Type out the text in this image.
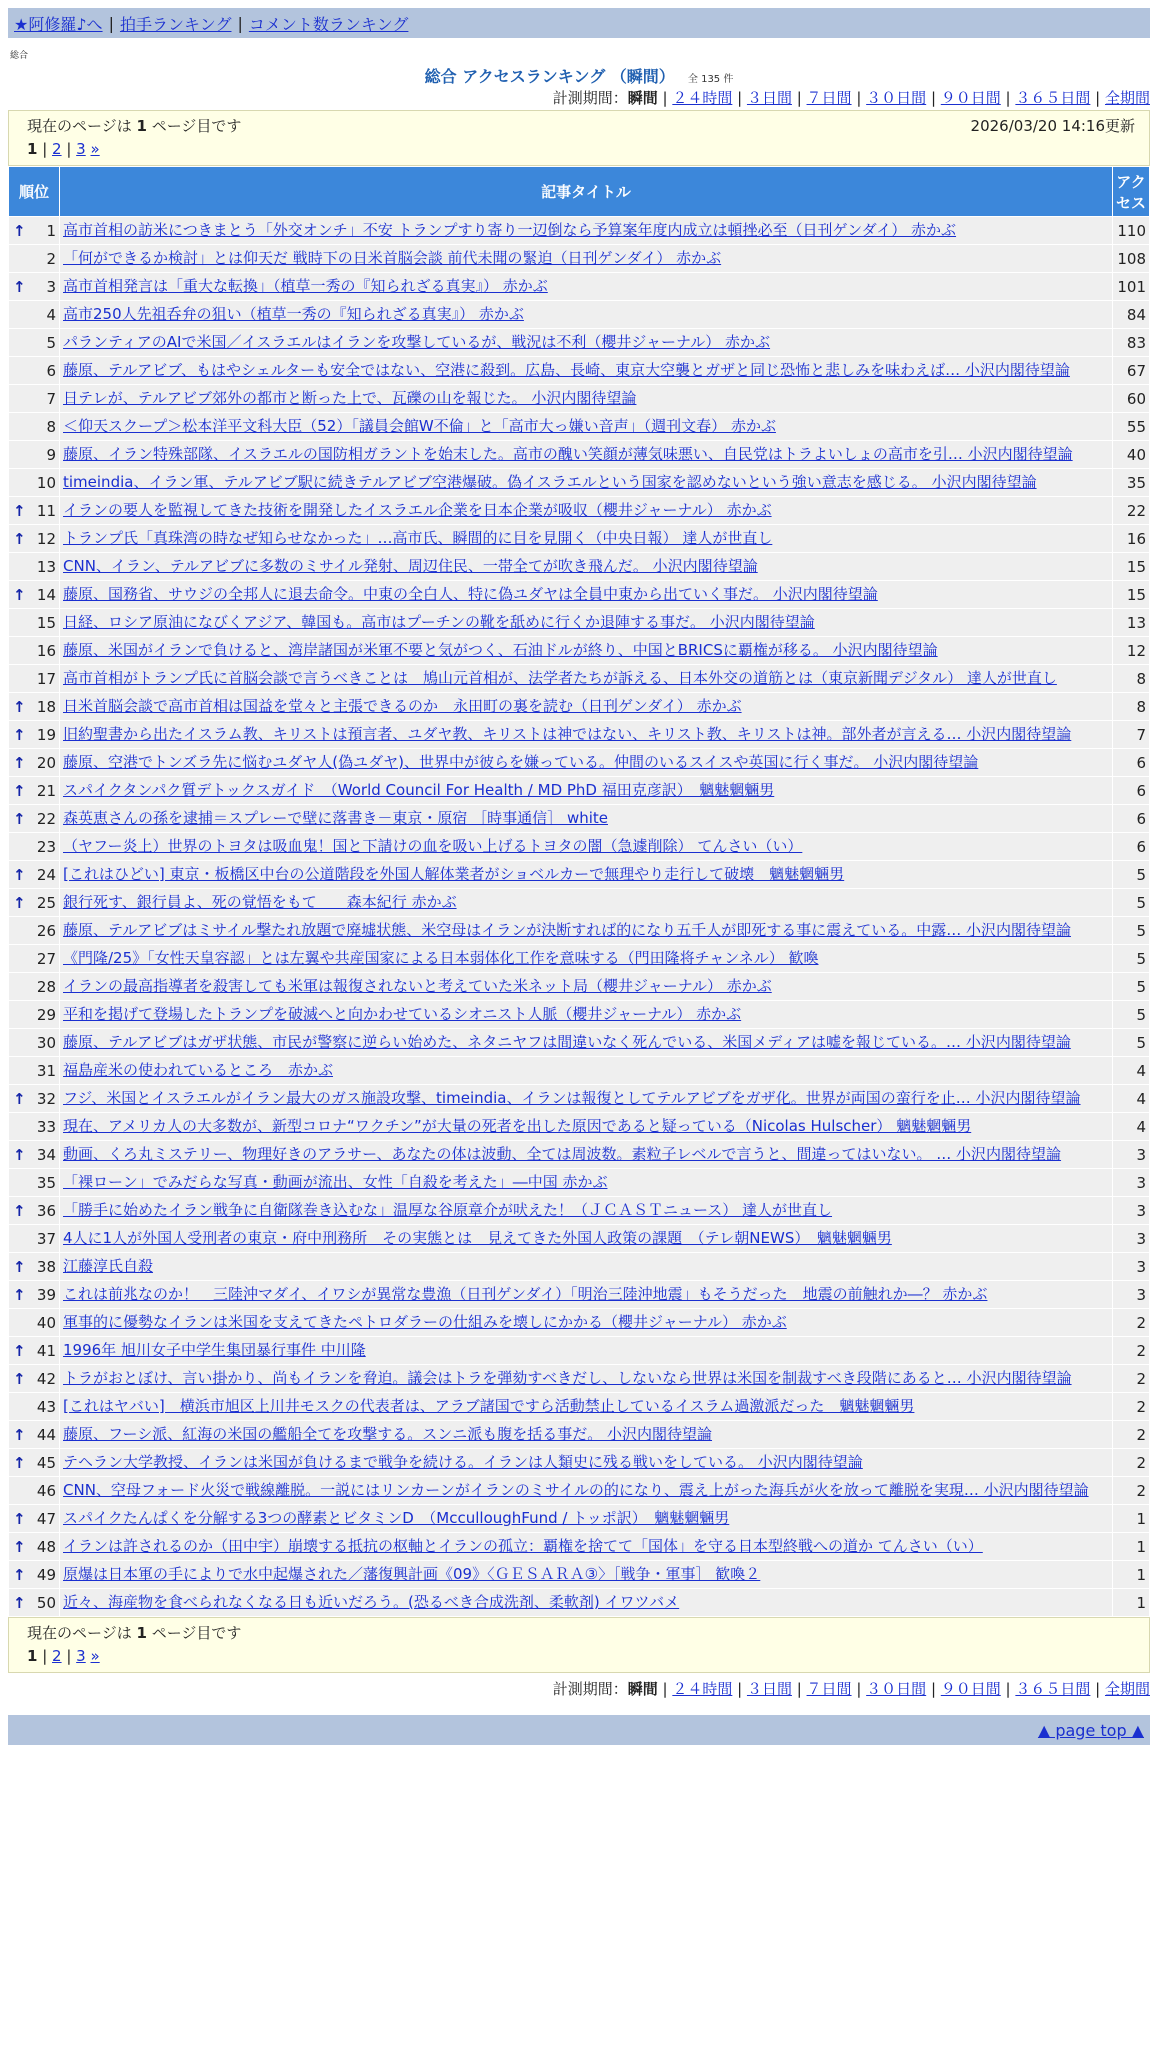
★阿修羅♪へ | 拍手ランキング | コメント数ランキング
総合
総合 アクセスランキング （瞬間） 全 135 件
計測期間：瞬間 | ２４時間 | ３日間 | ７日間 | ３０日間 | ９０日間 | ３６５日間 | 全期間
現在のページは 1 ページ目です	2026/03/20 14:16更新
1 | 2 | 3 »
順位	記事タイトル	アクセス

↑ 1	高市首相の訪米につきまとう「外交オンチ」不安 トランプすり寄り一辺倒なら予算案年度内成立は頓挫必至（日刊ゲンダイ） 赤かぶ	110
2	「何ができるか検討」とは仰天だ 戦時下の日米首脳会談 前代未聞の緊迫（日刊ゲンダイ） 赤かぶ	108

↑ 3	高市首相発言は「重大な転換」（植草一秀の『知られざる真実』） 赤かぶ	101
4	高市250人先祖呑弁の狙い（植草一秀の『知られざる真実』） 赤かぶ	84
5	パランティアのAIで米国／イスラエルはイランを攻撃しているが、戦況は不利（櫻井ジャーナル） 赤かぶ	83
6	藤原、テルアビブ、もはやシェルターも安全ではない、空港に殺到。広島、長崎、東京大空襲とガザと同じ恐怖と悲しみを味わえば… 小沢内閣待望論	67
7	日テレが、テルアビブ郊外の都市と断った上で、瓦礫の山を報じた。 小沢内閣待望論	60
8	＜仰天スクープ＞松本洋平文科大臣（52）「議員会館W不倫」と「高市大っ嫌い音声」（週刊文春） 赤かぶ	55
9	藤原、イラン特殊部隊、イスラエルの国防相ガラントを始末した。高市の醜い笑顔が薄気味悪い、自民党はトラよいしょの高市を引… 小沢内閣待望論	40
10	timeindia、イラン軍、テルアビブ駅に続きテルアビブ空港爆破。偽イスラエルという国家を認めないという強い意志を感じる。 小沢内閣待望論	35

↑ 11	イランの要人を監視してきた技術を開発したイスラエル企業を日本企業が吸収（櫻井ジャーナル） 赤かぶ	22

↑ 12	トランプ氏「真珠湾の時なぜ知らせなかった」…高市氏、瞬間的に目を見開く（中央日報） 達人が世直し	16
13	CNN、イラン、テルアビブに多数のミサイル発射、周辺住民、一帯全てが吹き飛んだ。 小沢内閣待望論	15

↑ 14	藤原、国務省、サウジの全邦人に退去命令。中東の全白人、特に偽ユダヤは全員中東から出ていく事だ。 小沢内閣待望論	15
15	日経、ロシア原油になびくアジア、韓国も。高市はプーチンの靴を舐めに行くか退陣する事だ。 小沢内閣待望論	13
16	藤原、米国がイランで負けると、湾岸諸国が米軍不要と気がつく、石油ドルが終り、中国とBRICSに覇権が移る。 小沢内閣待望論	12
17	高市首相がトランプ氏に首脳会談で言うべきことは　鳩山元首相が、法学者たちが訴える、日本外交の道筋とは（東京新聞デジタル） 達人が世直し	8

↑ 18	日米首脳会談で高市首相は国益を堂々と主張できるのか　永田町の裏を読む（日刊ゲンダイ） 赤かぶ	8

↑ 19	旧約聖書から出たイスラム教、キリストは預言者、ユダヤ教、キリストは神ではない、キリスト教、キリストは神。部外者が言える… 小沢内閣待望論	7

↑ 20	藤原、空港でトンズラ先に悩むユダヤ人(偽ユダヤ)、世界中が彼らを嫌っている。仲間のいるスイスや英国に行く事だ。 小沢内閣待望論	6

↑ 21	スパイクタンパク質デトックスガイド　（World Council For Health / MD PhD 福田克彦訳）　魑魅魍魎男	6

↑ 22	森英恵さんの孫を逮捕＝スプレーで壁に落書き－東京・原宿 ［時事通信］ white	6
23	（ヤフー炎上）世界のトヨタは吸血鬼！国と下請けの血を吸い上げるトヨタの闇（急遽削除） てんさい（い）	6

↑ 24	[これはひどい] 東京・板橋区中台の公道階段を外国人解体業者がショベルカーで無理やり走行して破壊　魑魅魍魎男	5

↑ 25	銀行死す、銀行員よ、死の覚悟をもて　　森本紀行 赤かぶ	5
26	藤原、テルアビブはミサイル撃たれ放題で廃墟状態、米空母はイランが決断すれば的になり五千人が即死する事に震えている。中露… 小沢内閣待望論	5
27	《門隆/25》「女性天皇容認」とは左翼や共産国家による日本弱体化工作を意味する（門田隆将チャンネル） 歓喚	5
28	イランの最高指導者を殺害しても米軍は報復されないと考えていた米ネット局（櫻井ジャーナル） 赤かぶ	5
29	平和を掲げて登場したトランプを破滅へと向かわせているシオニスト人脈（櫻井ジャーナル） 赤かぶ	5
30	藤原、テルアビブはガザ状態、市民が警察に逆らい始めた、ネタニヤフは間違いなく死んでいる、米国メディアは嘘を報じている。… 小沢内閣待望論	5
31	福島産米の使われているところ　赤かぶ	4

↑ 32	フジ、米国とイスラエルがイラン最大のガス施設攻撃、timeindia、イランは報復としてテルアビブをガザ化。世界が両国の蛮行を止… 小沢内閣待望論	4
33	現在、アメリカ人の大多数が、新型コロナ“ワクチン”が大量の死者を出した原因であると疑っている（Nicolas Hulscher） 魑魅魍魎男	4

↑ 34	動画、くろ丸ミステリー、物理好きのアラサー、あなたの体は波動、全ては周波数。素粒子レベルで言うと、間違ってはいない。 … 小沢内閣待望論	3
35	「裸ローン」でみだらな写真・動画が流出、女性「自殺を考えた」―中国 赤かぶ	3

↑ 36	「勝手に始めたイラン戦争に自衛隊巻き込むな」温厚な谷原章介が吠えた！（ＪＣＡＳＴニュース） 達人が世直し	3
37	4人に1人が外国人受刑者の東京・府中刑務所　その実態とは　見えてきた外国人政策の課題　（テレ朝NEWS）　魑魅魍魎男	3

↑ 38	江藤淳氏自殺	3

↑ 39	これは前兆なのか！　三陸沖マダイ、イワシが異常な豊漁（日刊ゲンダイ）「明治三陸沖地震」もそうだった　地震の前触れか―？ 赤かぶ	3
40	軍事的に優勢なイランは米国を支えてきたペトロダラーの仕組みを壊しにかかる（櫻井ジャーナル） 赤かぶ	2

↑ 41	1996年 旭川女子中学生集団暴行事件 中川隆	2

↑ 42	トラがおとぼけ、言い掛かり、尚もイランを脅迫。議会はトラを弾劾すべきだし、しないなら世界は米国を制裁すべき段階にあると… 小沢内閣待望論	2
43	[これはヤバい]　横浜市旭区上川井モスクの代表者は、アラブ諸国ですら活動禁止しているイスラム過激派だった　魑魅魍魎男	2

↑ 44	藤原、フーシ派、紅海の米国の艦船全てを攻撃する。スンニ派も腹を括る事だ。 小沢内閣待望論	2

↑ 45	テヘラン大学教授、イランは米国が負けるまで戦争を続ける。イランは人類史に残る戦いをしている。 小沢内閣待望論	2
46	CNN、空母フォード火災で戦線離脱。一説にはリンカーンがイランのミサイルの的になり、震え上がった海兵が火を放って離脱を実現… 小沢内閣待望論	2

↑ 47	スパイクたんぱくを分解する3つの酵素とビタミンD　（McculloughFund / トッポ訳）　魑魅魍魎男	1

↑ 48	イランは許されるのか（田中宇）崩壊する抵抗の枢軸とイランの孤立：覇権を捨てて「国体」を守る日本型終戦への道か てんさい（い）	1

↑ 49	原爆は日本軍の手によりで水中起爆された／藩復興計画《09》〈ＧＥＳＡＲＡ③〉［戦争・軍事］ 歓喚２	1

↑ 50	近々、海産物を食べられなくなる日も近いだろう。(恐るべき合成洗剤、柔軟剤) イワツバメ	1
現在のページは 1 ページ目です
1 | 2 | 3 »
計測期間：瞬間 | ２４時間 | ３日間 | ７日間 | ３０日間 | ９０日間 | ３６５日間 | 全期間
▲ page top ▲
